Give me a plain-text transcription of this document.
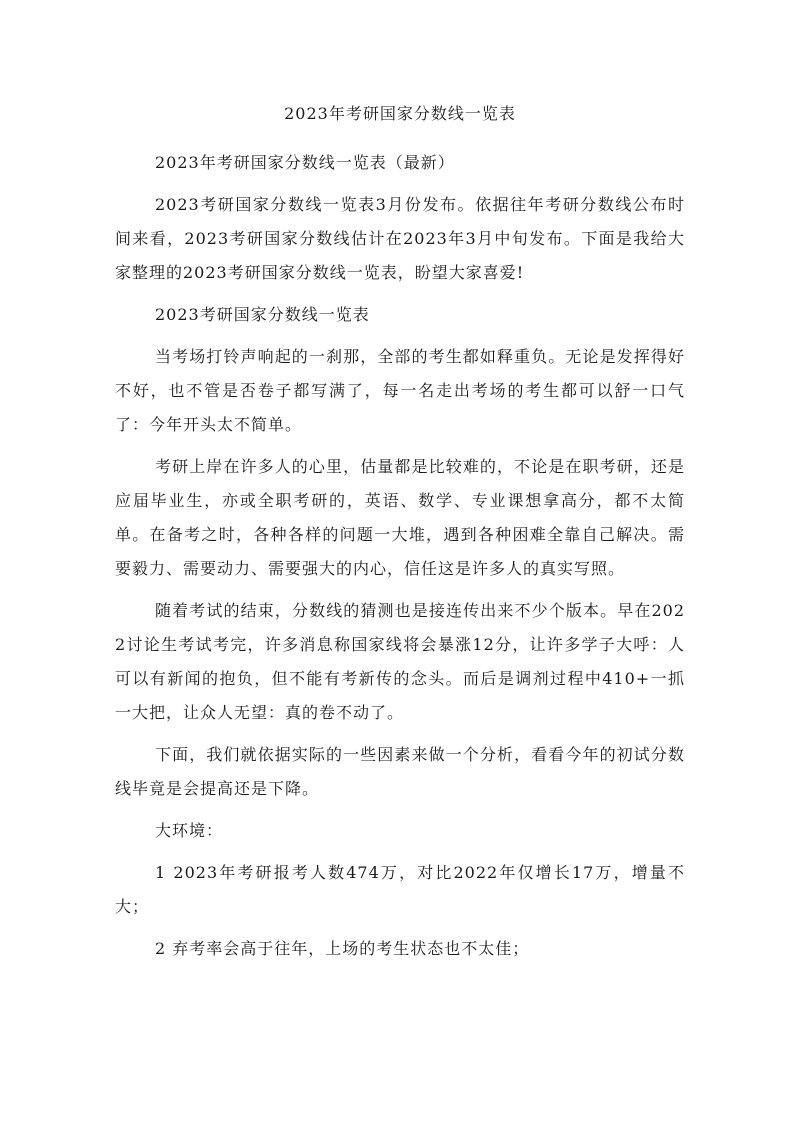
2023年考研国家分数线一览表

2023年考研国家分数线一览表（最新）

2023考研国家分数线一览表3月份发布。依据往年考研分数线公布时间来看，2023考研国家分数线估计在2023年3月中旬发布。下面是我给大家整理的2023考研国家分数线一览表，盼望大家喜爱!

2023考研国家分数线一览表

当考场打铃声响起的一刹那，全部的考生都如释重负。无论是发挥得好不好，也不管是否卷子都写满了，每一名走出考场的考生都可以舒一口气了：今年开头太不简单。

考研上岸在许多人的心里，估量都是比较难的，不论是在职考研，还是应届毕业生，亦或全职考研的，英语、数学、专业课想拿高分，都不太简单。在备考之时，各种各样的问题一大堆，遇到各种困难全靠自己解决。需要毅力、需要动力、需要强大的内心，信任这是许多人的真实写照。

随着考试的结束，分数线的猜测也是接连传出来不少个版本。早在2022讨论生考试考完，许多消息称国家线将会暴涨12分，让许多学子大呼：人可以有新闻的抱负，但不能有考新传的念头。而后是调剂过程中410+一抓一大把，让众人无望：真的卷不动了。

下面，我们就依据实际的一些因素来做一个分析，看看今年的初试分数线毕竟是会提高还是下降。

大环境：

1 2023年考研报考人数474万，对比2022年仅增长17万，增量不大；

2 弃考率会高于往年，上场的考生状态也不太佳；
